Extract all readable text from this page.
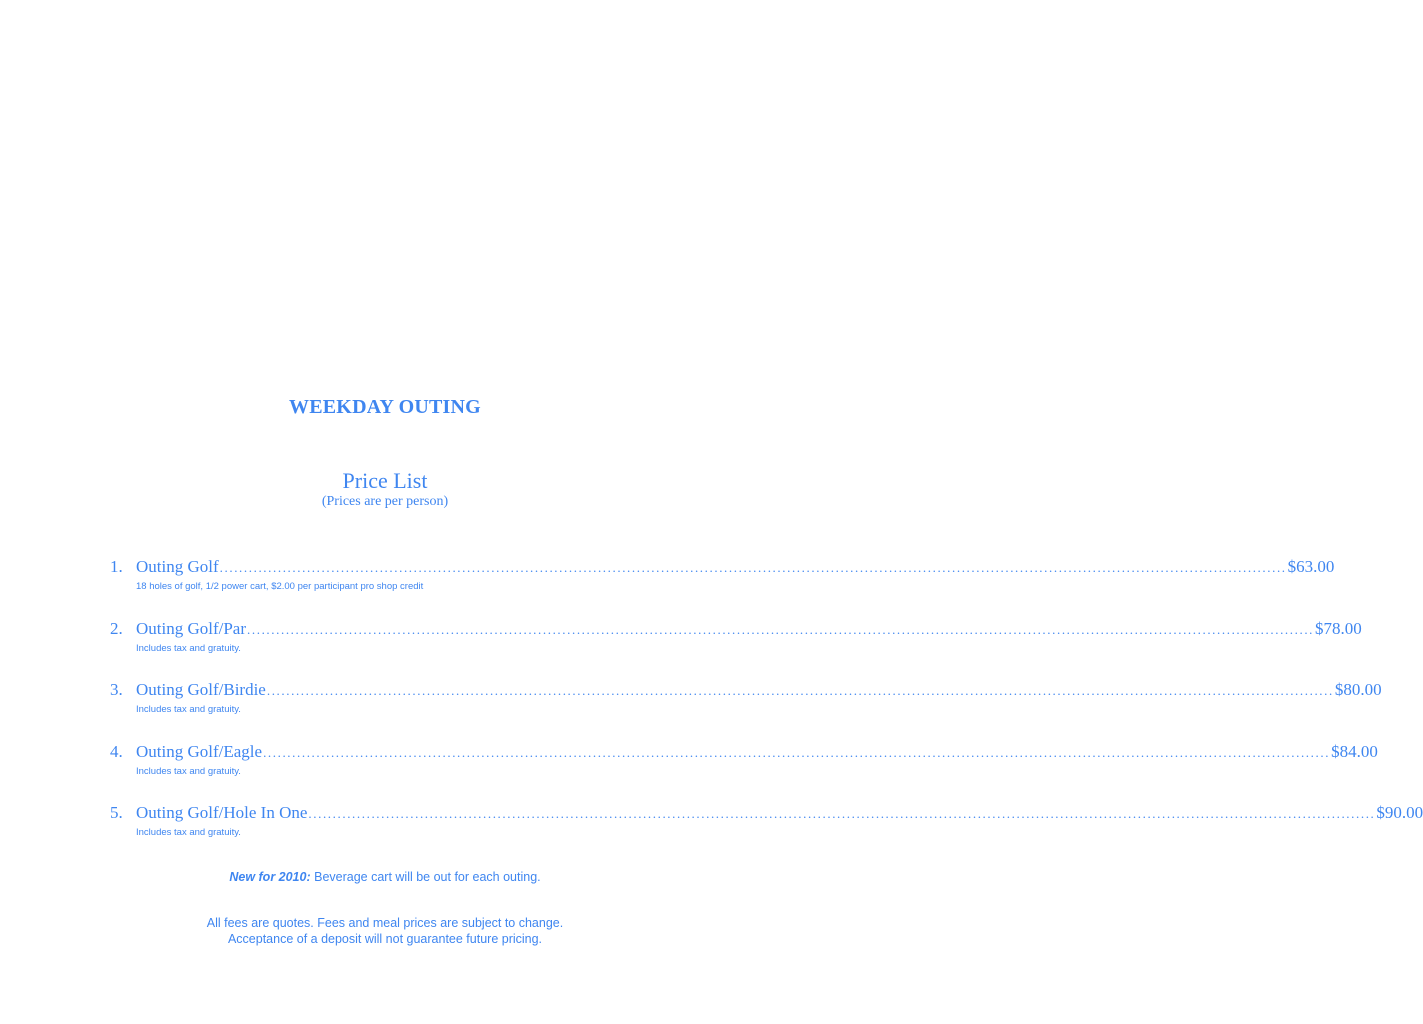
WEEKDAY OUTING
Price List
(Prices are per person)
1. Outing Golf ............................................................................................................................................................................................................................ $63.00
18 holes of golf, 1/2 power cart, $2.00 per participant pro shop credit
2. Outing Golf/Par ............................................................................................................................................................................................................................ $78.00
Includes tax and gratuity.
3. Outing Golf/Birdie ............................................................................................................................................................................................................................ $80.00
Includes tax and gratuity.
4. Outing Golf/Eagle ............................................................................................................................................................................................................................ $84.00
Includes tax and gratuity.
5. Outing Golf/Hole In One ............................................................................................................................................................................................................................ $90.00
Includes tax and gratuity.
New for 2010: Beverage cart will be out for each outing.
All fees are quotes. Fees and meal prices are subject to change.
Acceptance of a deposit will not guarantee future pricing.
